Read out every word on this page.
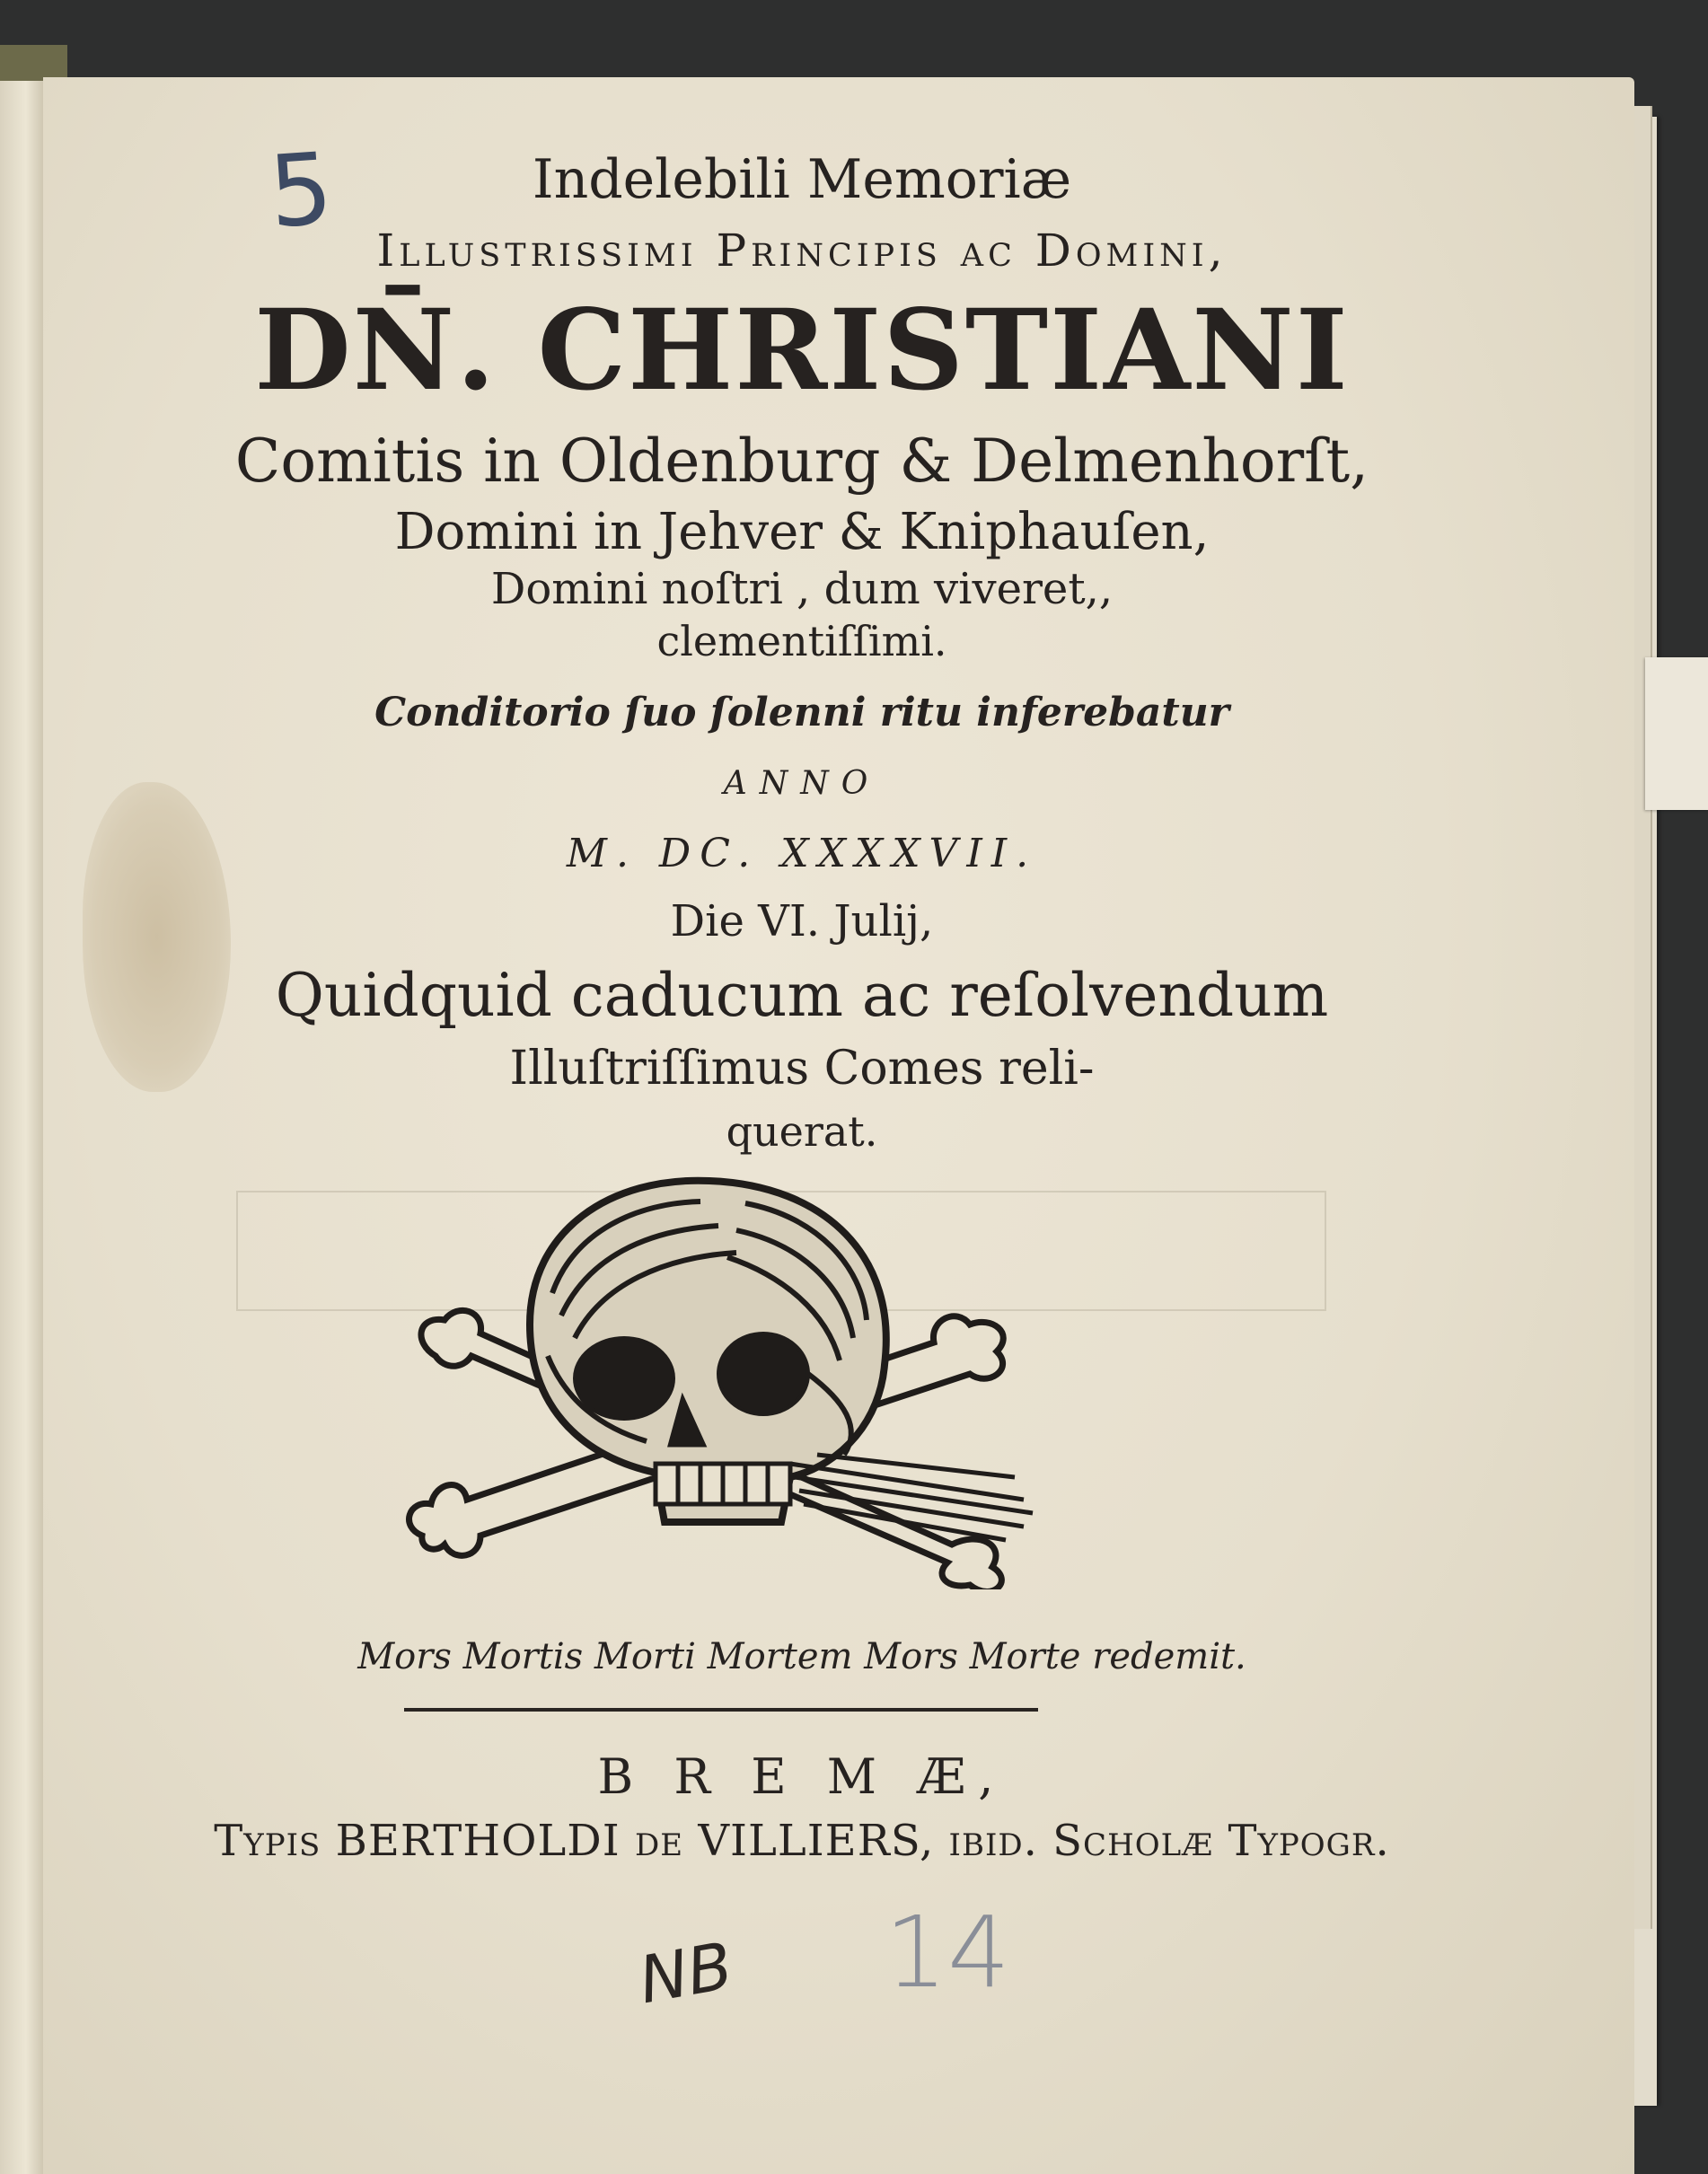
5	Indelebili Memoriæ
Illustrissimi Principis ac Domini,
DN̄. CHRISTIANI
Comitis in Oldenburg & Delmenhorſt,
Domini in Jehver & Kniphauſen,
Domini noſtri , dum viveret,,
clementiſſimi.
Conditorio ſuo ſolenni ritu inferebatur
ANNO
M. DC. XXXXVII.
Die VI. Julij,
Quidquid caducum ac reſolvendum
Illuſtriſſimus Comes reli-
querat.
Mors Mortis Morti Mortem Mors Morte redemit.
B R E M Æ,
Typis BERTHOLDI de VILLIERS, ibid. Scholæ Typogr.
NB 14
